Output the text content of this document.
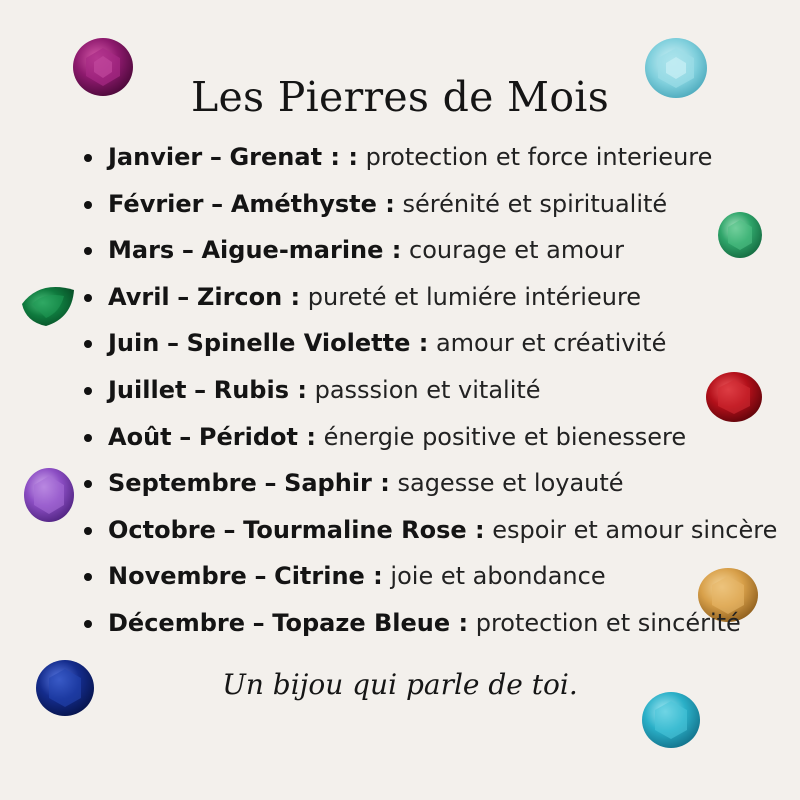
Les Pierres de Mois
Janvier – Grenat : : protection et force interieure
Février – Améthyste : sérénité et spiritualité
Mars – Aigue-marine : courage et amour
Avril – Zircon : pureté et lumiére intérieure
Juin – Spinelle Violette : amour et créativité
Juillet – Rubis : passsion et vitalité
Août – Péridot : énergie positive et bienessere
Septembre – Saphir : sagesse et loyauté
Octobre – Tourmaline Rose : espoir et amour sincère
Novembre – Citrine : joie et abondance
Décembre – Topaze Bleue : protection et sincérité
Un bijou qui parle de toi.
